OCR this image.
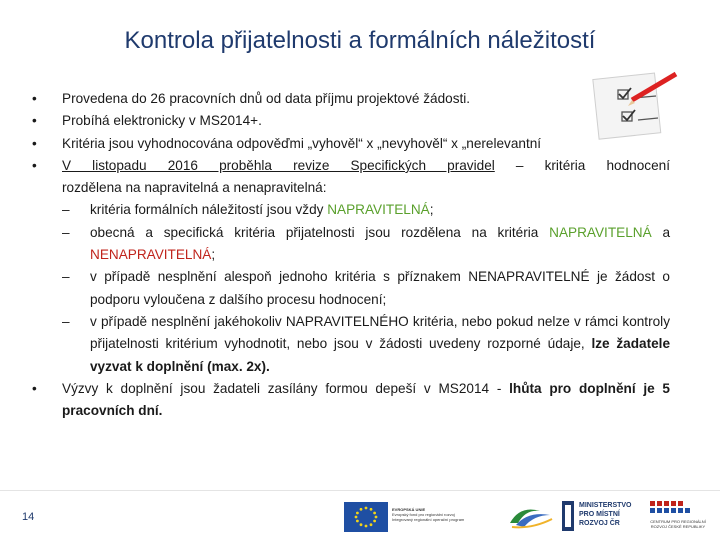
Kontrola přijatelnosti a formálních náležitostí
• Provedena do 26 pracovních dnů od data příjmu projektové žádosti.
• Probíhá elektronicky v MS2014+.
• Kritéria jsou vyhodnocována odpověďmi „vyhověl“ x „nevyhověl“ x „nerelevantní
• V listopadu 2016 proběhla revize Specifických pravidel – kritéria hodnocení
rozdělena na napravitelná a nenapravitelná:
– kritéria formálních náležitostí jsou vždy NAPRAVITELNÁ;
– obecná a specifická kritéria přijatelnosti jsou rozdělena na kritéria NAPRAVITELNÁ a NENAPRAVITELNÁ;
– v případě nesplnění alespoň jednoho kritéria s příznakem NENAPRAVITELNÉ je žádost o podporu vyloučena z dalšího procesu hodnocení;
– v případě nesplnění jakéhokoliv NAPRAVITELNÉHO kritéria, nebo pokud nelze v rámci kontroly přijatelnosti kritérium vyhodnotit, nebo jsou v žádosti uvedeny rozporné údaje, lze žadatele vyzvat k doplnění (max. 2x).
• Výzvy k doplnění jsou žadateli zasílány formou depeší v MS2014 - lhůta pro doplnění je 5 pracovních dní.
14
EVROPSKÁ UNIE
Evropský fond pro regionální rozvoj
Integrovaný regionální operační program
MINISTERSTVO
PRO MÍSTNÍ
ROZVOJ ČR	CENTRUM PRO REGIONÁLNÍ ROZVOJ ČESKÉ REPUBLIKY
